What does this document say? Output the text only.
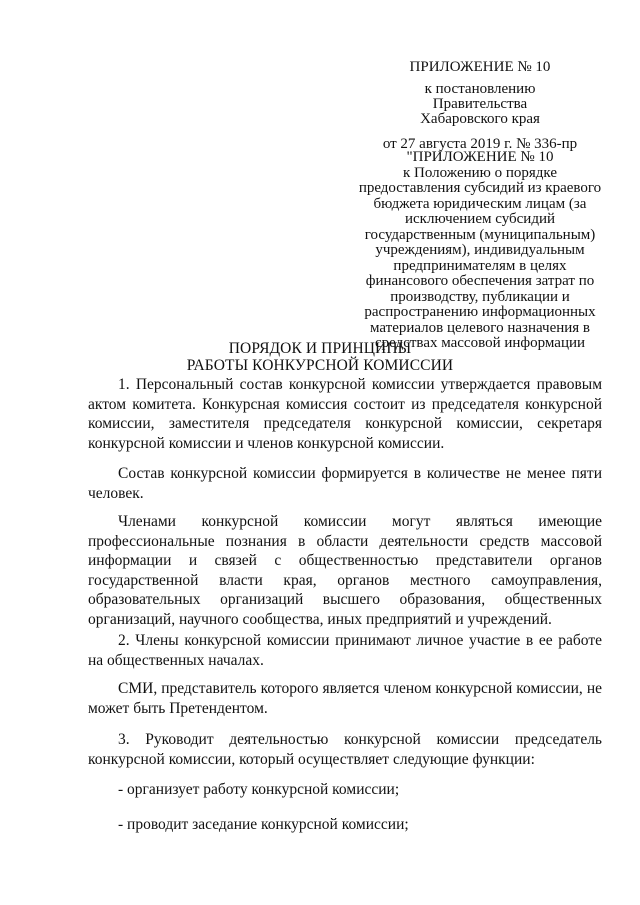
ПРИЛОЖЕНИЕ № 10
к постановлению
Правительства
Хабаровского края
от 27 августа 2019 г. № 336-пр
"ПРИЛОЖЕНИЕ № 10
к Положению о порядке
предоставления субсидий из краевого
бюджета юридическим лицам (за
исключением субсидий
государственным (муниципальным)
учреждениям), индивидуальным
предпринимателям в целях
финансового обеспечения затрат по
производству, публикации и
распространению информационных
материалов целевого назначения в
средствах массовой информации
ПОРЯДОК И ПРИНЦИПЫ
РАБОТЫ КОНКУРСНОЙ КОМИССИИ

1. Персональный состав конкурсной комиссии утверждается правовым актом комитета. Конкурсная комиссия состоит из председателя конкурсной комиссии, заместителя председателя конкурсной комиссии, секретаря конкурсной комиссии и членов конкурсной комиссии.

Состав конкурсной комиссии формируется в количестве не менее пяти человек.

Членами конкурсной комиссии могут являться имеющие профессиональные познания в области деятельности средств массовой информации и связей с общественностью представители органов государственной власти края, органов местного самоуправления, образовательных организаций высшего образования, общественных организаций, научного сообщества, иных предприятий и учреждений.

2. Члены конкурсной комиссии принимают личное участие в ее работе на общественных началах.

СМИ, представитель которого является членом конкурсной комиссии, не может быть Претендентом.

3. Руководит деятельностью конкурсной комиссии председатель конкурсной комиссии, который осуществляет следующие функции:

- организует работу конкурсной комиссии;

- проводит заседание конкурсной комиссии;
